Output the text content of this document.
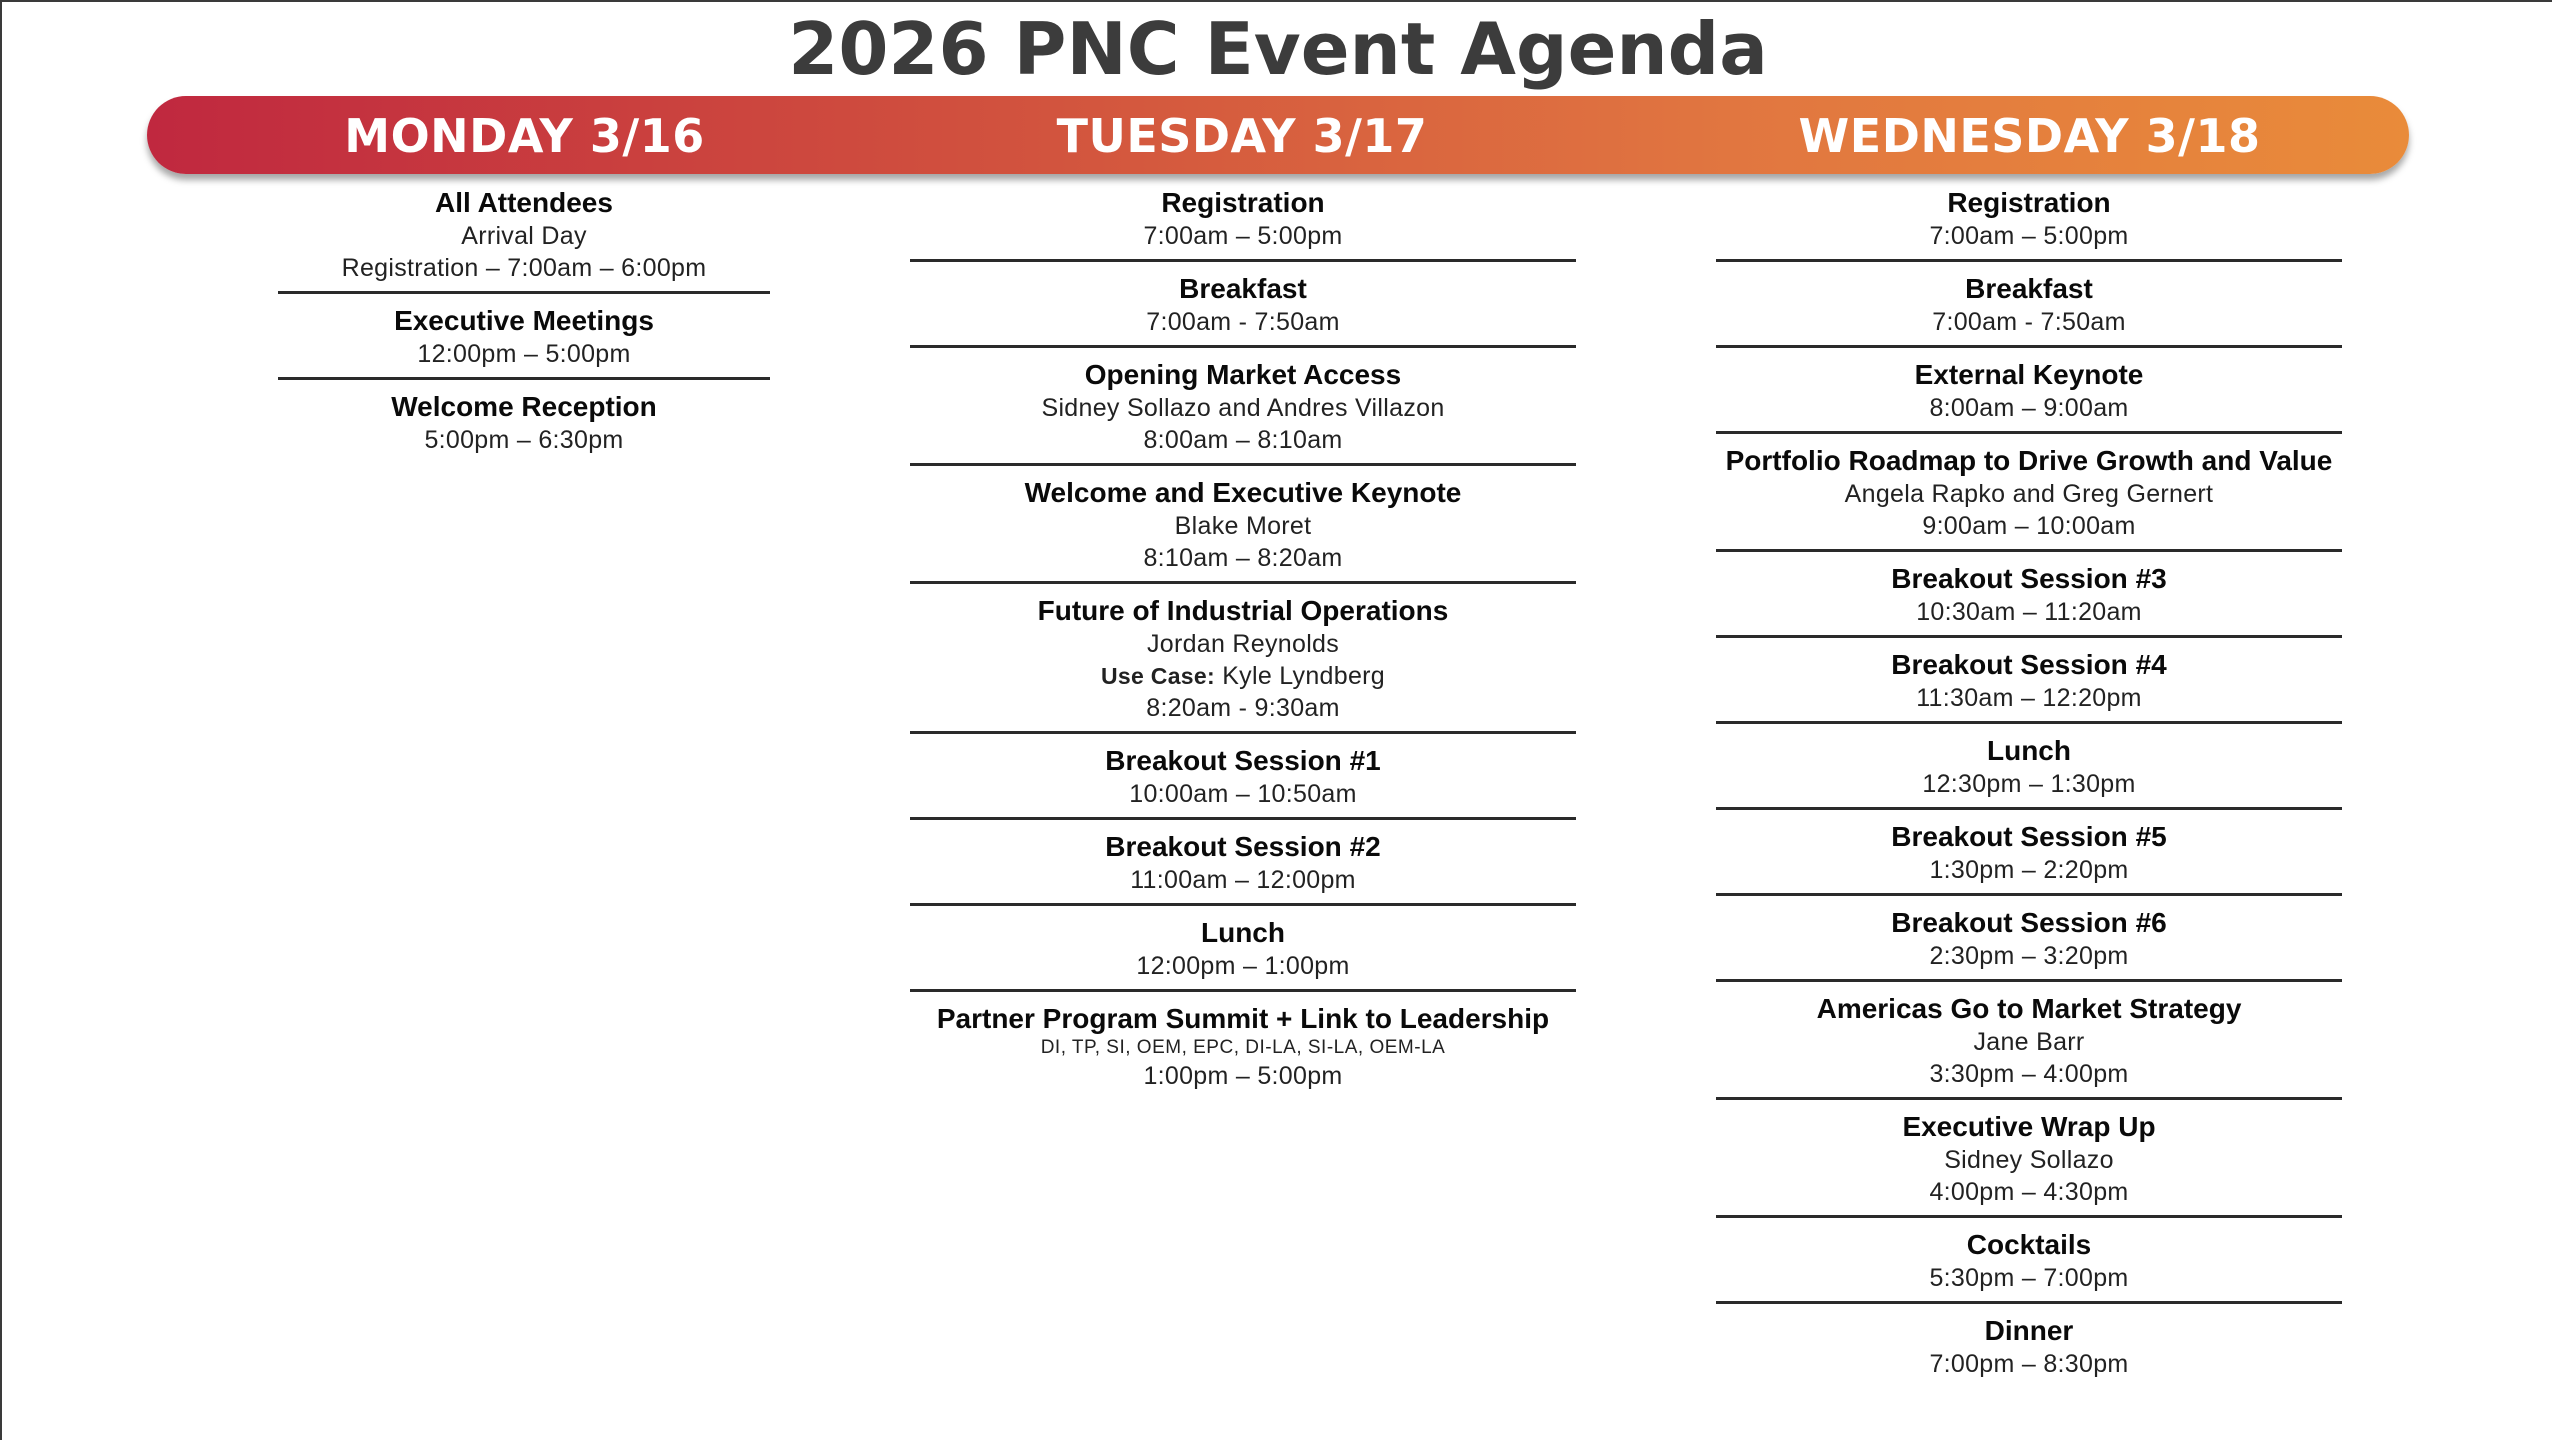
2026 PNC Event Agenda
MONDAY 3/16	TUESDAY 3/17	WEDNESDAY 3/18
All Attendees
Arrival Day
Registration – 7:00am – 6:00pm
Executive Meetings
12:00pm – 5:00pm
Welcome Reception
5:00pm – 6:30pm
Registration
7:00am – 5:00pm
Breakfast
7:00am - 7:50am
Opening Market Access
Sidney Sollazo and Andres Villazon
8:00am – 8:10am
Welcome and Executive Keynote
Blake Moret
8:10am – 8:20am
Future of Industrial Operations
Jordan Reynolds
Use Case: Kyle Lyndberg
8:20am - 9:30am
Breakout Session #1
10:00am – 10:50am
Breakout Session #2
11:00am – 12:00pm
Lunch
12:00pm – 1:00pm
Partner Program Summit + Link to Leadership
DI, TP, SI, OEM, EPC, DI-LA, SI-LA, OEM-LA
1:00pm – 5:00pm
Registration
7:00am – 5:00pm
Breakfast
7:00am - 7:50am
External Keynote
8:00am – 9:00am
Portfolio Roadmap to Drive Growth and Value
Angela Rapko and Greg Gernert
9:00am – 10:00am
Breakout Session #3
10:30am – 11:20am
Breakout Session #4
11:30am – 12:20pm
Lunch
12:30pm – 1:30pm
Breakout Session #5
1:30pm – 2:20pm
Breakout Session #6
2:30pm – 3:20pm
Americas Go to Market Strategy
Jane Barr
3:30pm – 4:00pm
Executive Wrap Up
Sidney Sollazo
4:00pm – 4:30pm
Cocktails
5:30pm – 7:00pm
Dinner
7:00pm – 8:30pm
